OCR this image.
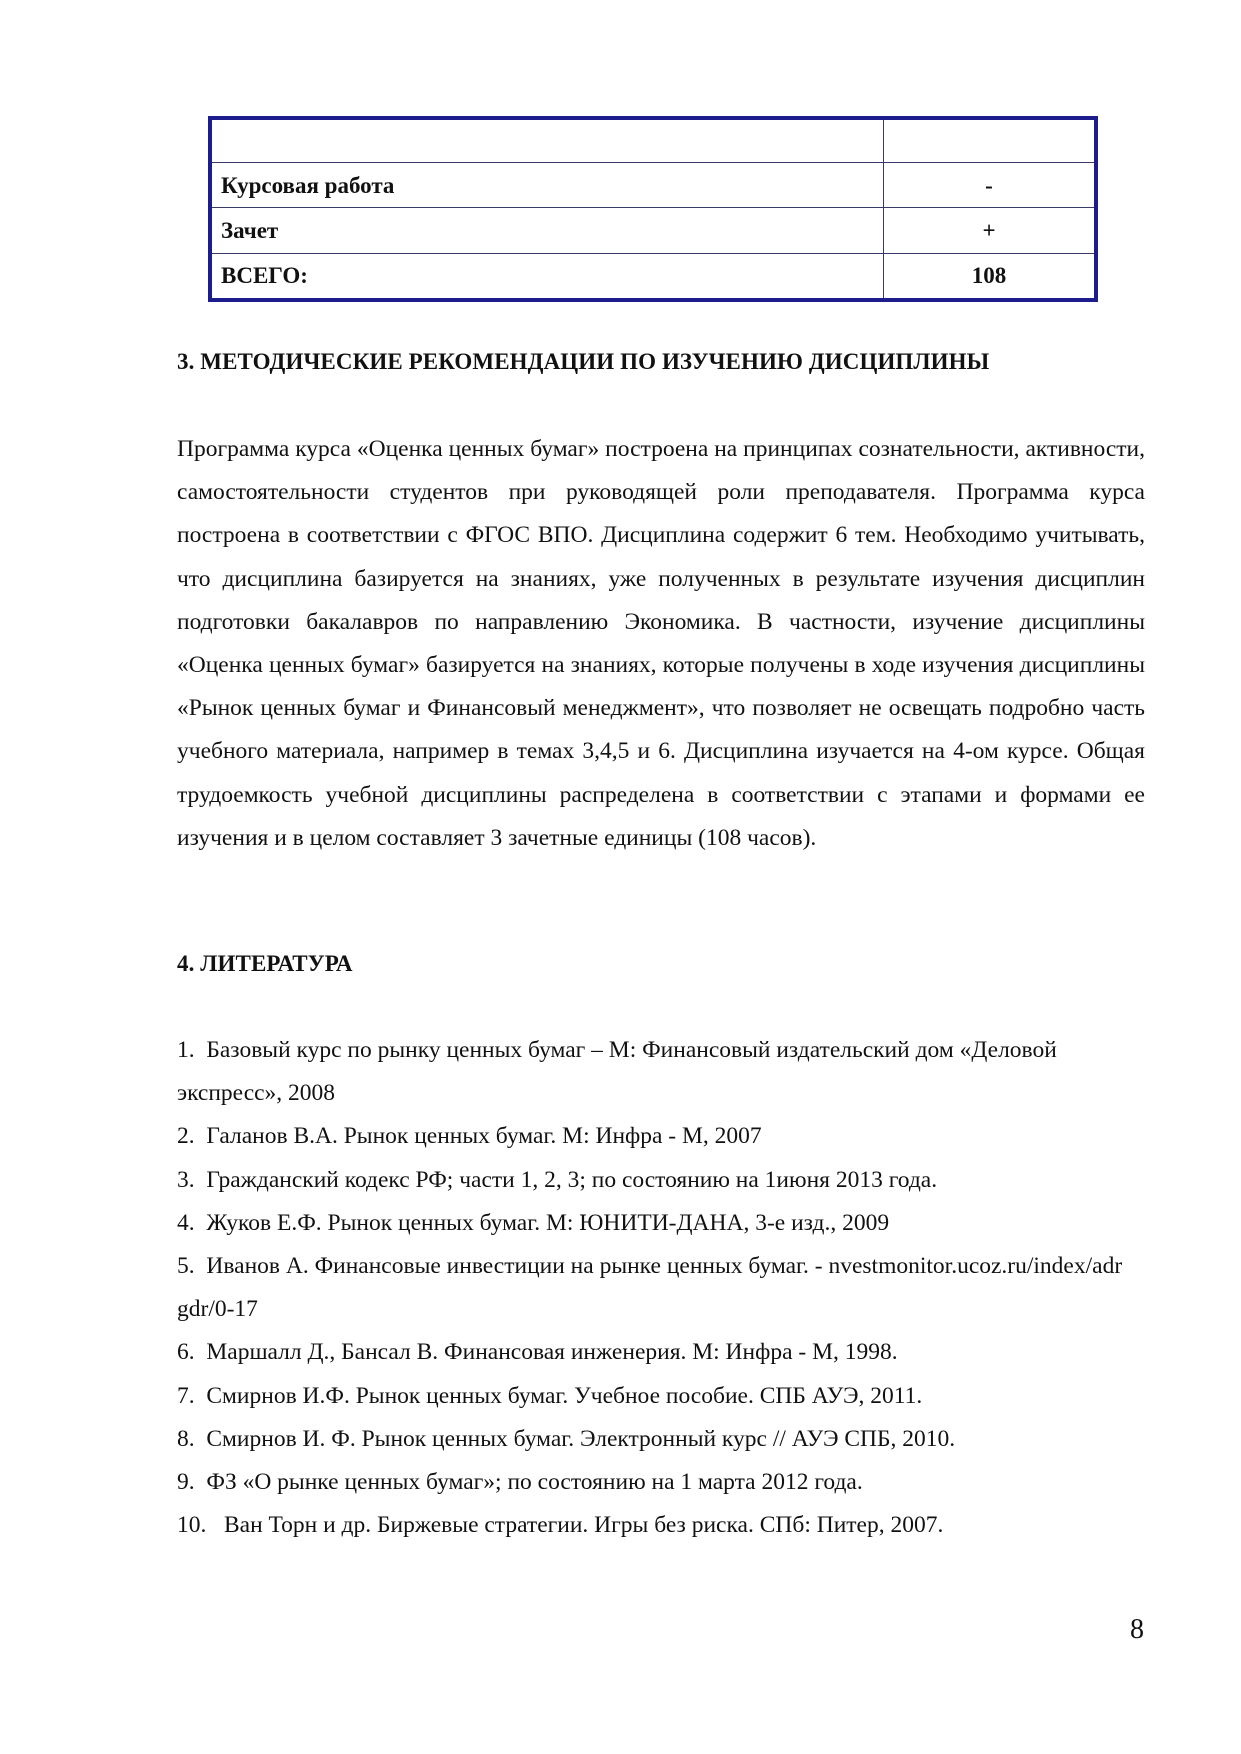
Курсовая работа	-
Зачет	+
ВСЕГО:	108
3. МЕТОДИЧЕСКИЕ РЕКОМЕНДАЦИИ ПО ИЗУЧЕНИЮ ДИСЦИПЛИНЫ

Программа курса «Оценка ценных бумаг» построена на принципах сознательности, активности, самостоятельности студентов при руководящей роли преподавателя. Программа курса построена в соответствии с ФГОС ВПО. Дисциплина содержит 6 тем. Необходимо учитывать, что дисциплина базируется на знаниях, уже полученных в результате изучения дисциплин подготовки бакалавров по направлению Экономика. В частности, изучение дисциплины «Оценка ценных бумаг» базируется на знаниях, которые получены в ходе изучения дисциплины «Рынок ценных бумаг и Финансовый менеджмент», что позволяет не освещать подробно часть учебного материала, например в темах 3,4,5 и 6. Дисциплина изучается на 4-ом курсе. Общая трудоемкость учебной дисциплины распределена в соответствии с этапами и формами ее изучения и в целом составляет 3 зачетные единицы (108 часов).

4. ЛИТЕРАТУРА
1. Базовый курс по рынку ценных бумаг – М: Финансовый издательский дом «Деловой экспресс», 2008
2. Галанов В.А. Рынок ценных бумаг. М: Инфра - М, 2007
3. Гражданский кодекс РФ; части 1, 2, 3; по состоянию на 1июня 2013 года.
4. Жуков Е.Ф. Рынок ценных бумаг. М: ЮНИТИ-ДАНА, 3-е изд., 2009
5. Иванов А. Финансовые инвестиции на рынке ценных бумаг. - nvestmonitor.ucoz.ru/index/adr gdr/0-17
6. Маршалл Д., Бансал В. Финансовая инженерия. М: Инфра - М, 1998.
7. Смирнов И.Ф. Рынок ценных бумаг. Учебное пособие. СПБ АУЭ, 2011.
8. Смирнов И. Ф. Рынок ценных бумаг. Электронный курс // АУЭ СПБ, 2010.
9. ФЗ «О рынке ценных бумаг»; по состоянию на 1 марта 2012 года.
10. Ван Торн и др. Биржевые стратегии. Игры без риска. СПб: Питер, 2007.
8
